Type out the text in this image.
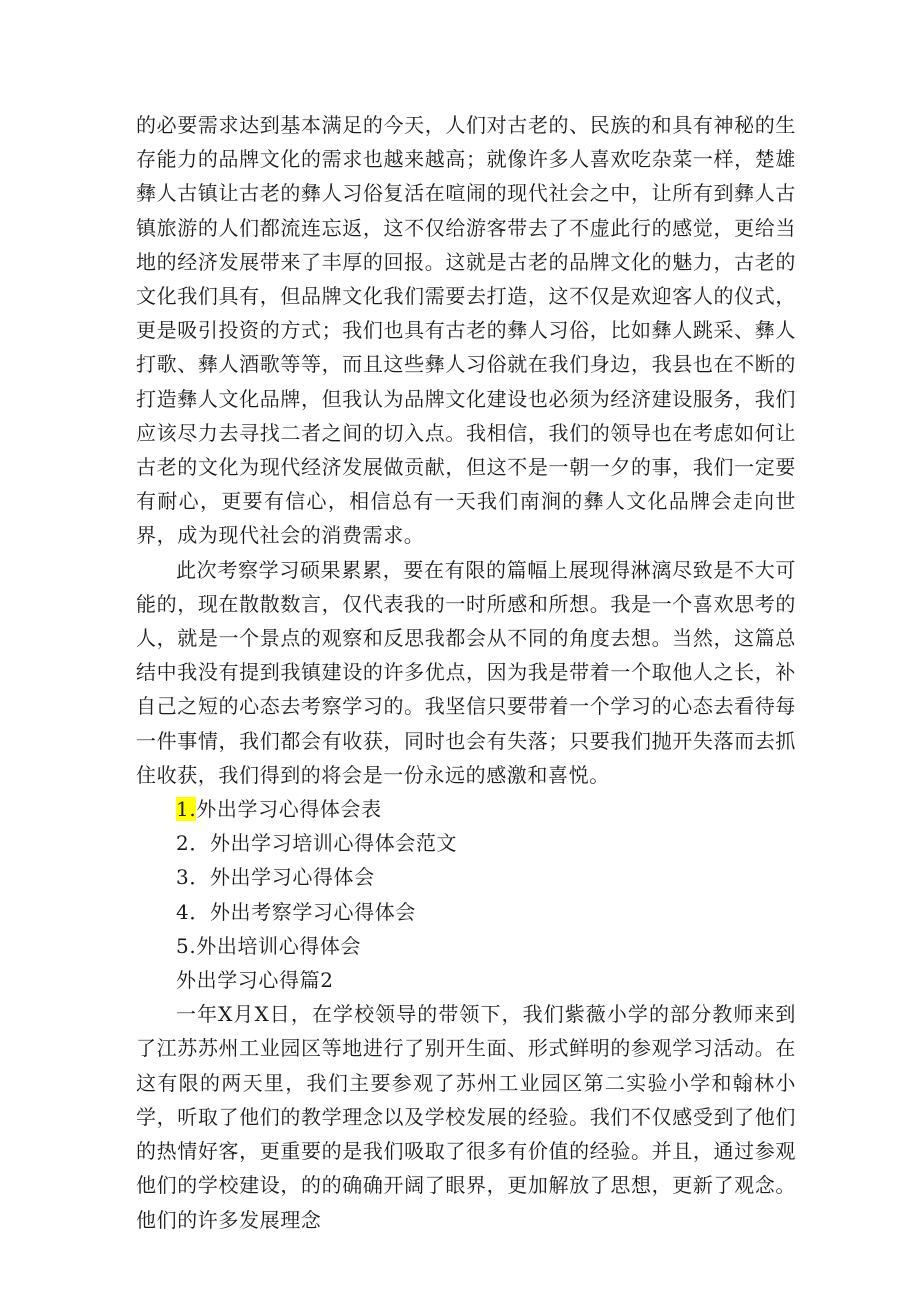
的必要需求达到基本满足的今天，人们对古老的、民族的和具有神秘的生存能力的品牌文化的需求也越来越高；就像许多人喜欢吃杂菜一样，楚雄彝人古镇让古老的彝人习俗复活在喧闹的现代社会之中，让所有到彝人古镇旅游的人们都流连忘返，这不仅给游客带去了不虚此行的感觉，更给当地的经济发展带来了丰厚的回报。这就是古老的品牌文化的魅力，古老的文化我们具有，但品牌文化我们需要去打造，这不仅是欢迎客人的仪式，更是吸引投资的方式；我们也具有古老的彝人习俗，比如彝人跳采、彝人打歌、彝人酒歌等等，而且这些彝人习俗就在我们身边，我县也在不断的打造彝人文化品牌，但我认为品牌文化建设也必须为经济建设服务，我们应该尽力去寻找二者之间的切入点。我相信，我们的领导也在考虑如何让古老的文化为现代经济发展做贡献，但这不是一朝一夕的事，我们一定要有耐心，更要有信心，相信总有一天我们南涧的彝人文化品牌会走向世界，成为现代社会的消费需求。

此次考察学习硕果累累，要在有限的篇幅上展现得淋漓尽致是不大可能的，现在散散数言，仅代表我的一时所感和所想。我是一个喜欢思考的人，就是一个景点的观察和反思我都会从不同的角度去想。当然，这篇总结中我没有提到我镇建设的许多优点，因为我是带着一个取他人之长，补自己之短的心态去考察学习的。我坚信只要带着一个学习的心态去看待每一件事情，我们都会有收获，同时也会有失落；只要我们抛开失落而去抓住收获，我们得到的将会是一份永远的感激和喜悦。

1.外出学习心得体会表

2．外出学习培训心得体会范文

3．外出学习心得体会

4．外出考察学习心得体会

5.外出培训心得体会

外出学习心得篇2

一年X月X日，在学校领导的带领下，我们紫薇小学的部分教师来到了江苏苏州工业园区等地进行了别开生面、形式鲜明的参观学习活动。在这有限的两天里，我们主要参观了苏州工业园区第二实验小学和翰林小学，听取了他们的教学理念以及学校发展的经验。我们不仅感受到了他们的热情好客，更重要的是我们吸取了很多有价值的经验。并且，通过参观他们的学校建设，的的确确开阔了眼界，更加解放了思想，更新了观念。他们的许多发展理念
